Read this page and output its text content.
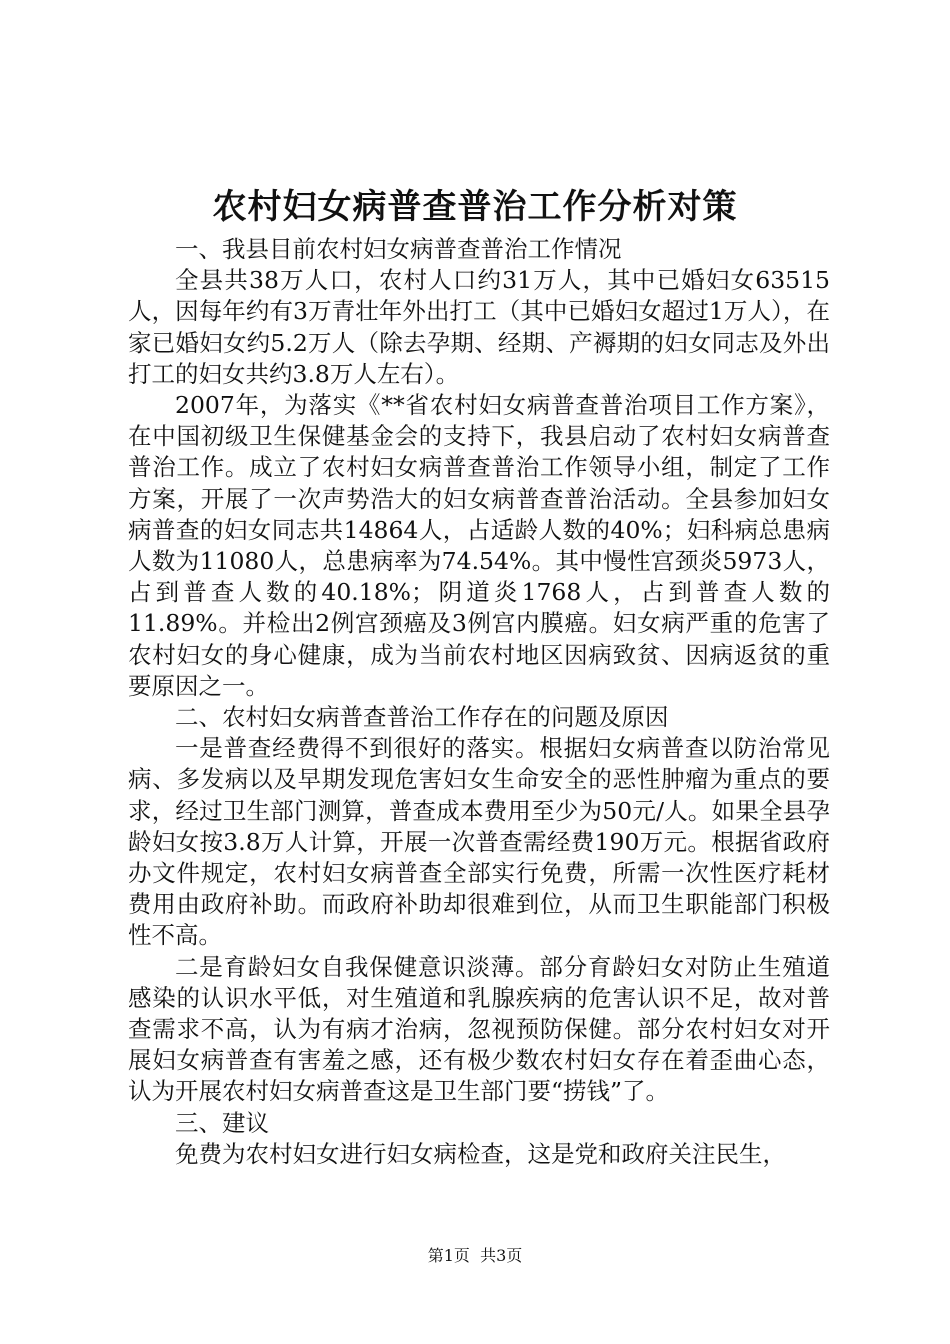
农村妇女病普查普治工作分析对策

一、我县目前农村妇女病普查普治工作情况

全县共38万人口，农村人口约31万人，其中已婚妇女63515人，因每年约有3万青壮年外出打工（其中已婚妇女超过1万人），在家已婚妇女约5.2万人（除去孕期、经期、产褥期的妇女同志及外出打工的妇女共约3.8万人左右）。

2007年，为落实《**省农村妇女病普查普治项目工作方案》，在中国初级卫生保健基金会的支持下，我县启动了农村妇女病普查普治工作。成立了农村妇女病普查普治工作领导小组，制定了工作方案，开展了一次声势浩大的妇女病普查普治活动。全县参加妇女病普查的妇女同志共14864人，占适龄人数的40%；妇科病总患病人数为11080人，总患病率为74.54%。其中慢性宫颈炎5973人，占到普查人数的40.18%；阴道炎1768人，占到普查人数的11.89%。并检出2例宫颈癌及3例宫内膜癌。妇女病严重的危害了农村妇女的身心健康，成为当前农村地区因病致贫、因病返贫的重要原因之一。

二、农村妇女病普查普治工作存在的问题及原因

一是普查经费得不到很好的落实。根据妇女病普查以防治常见病、多发病以及早期发现危害妇女生命安全的恶性肿瘤为重点的要求，经过卫生部门测算，普查成本费用至少为50元/人。如果全县孕龄妇女按3.8万人计算，开展一次普查需经费190万元。根据省政府办文件规定，农村妇女病普查全部实行免费，所需一次性医疗耗材费用由政府补助。而政府补助却很难到位，从而卫生职能部门积极性不高。

二是育龄妇女自我保健意识淡薄。部分育龄妇女对防止生殖道感染的认识水平低，对生殖道和乳腺疾病的危害认识不足，故对普查需求不高，认为有病才治病，忽视预防保健。部分农村妇女对开展妇女病普查有害羞之感，还有极少数农村妇女存在着歪曲心态，认为开展农村妇女病普查这是卫生部门要“捞钱”了。

三、建议

免费为农村妇女进行妇女病检查，这是党和政府关注民生，

第1页  共3页
